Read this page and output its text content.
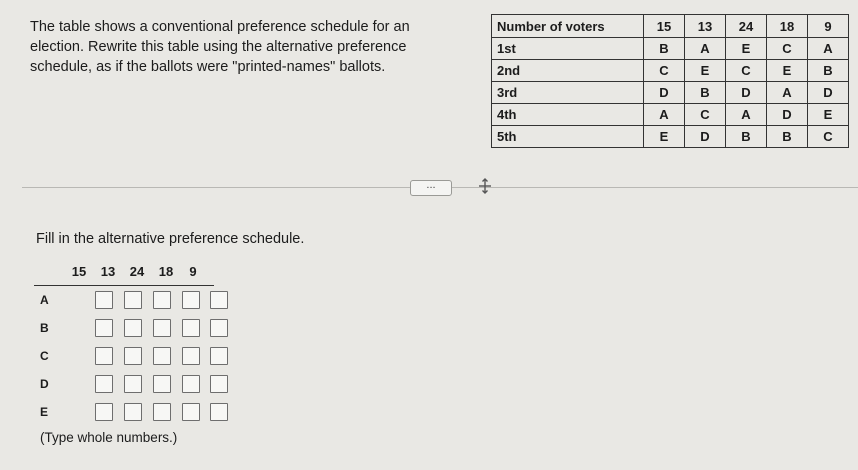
The table shows a conventional preference schedule for an election. Rewrite this table using the alternative preference schedule, as if the ballots were "printed-names" ballots.
Number of voters	15	13	24	18	9
1st	B	A	E	C	A
2nd	C	E	C	E	B
3rd	D	B	D	A	D
4th	A	C	A	D	E
5th	E	D	B	B	C
...
Fill in the alternative preference schedule.
15	13	24	18	9
A
B
C
D
E
(Type whole numbers.)
